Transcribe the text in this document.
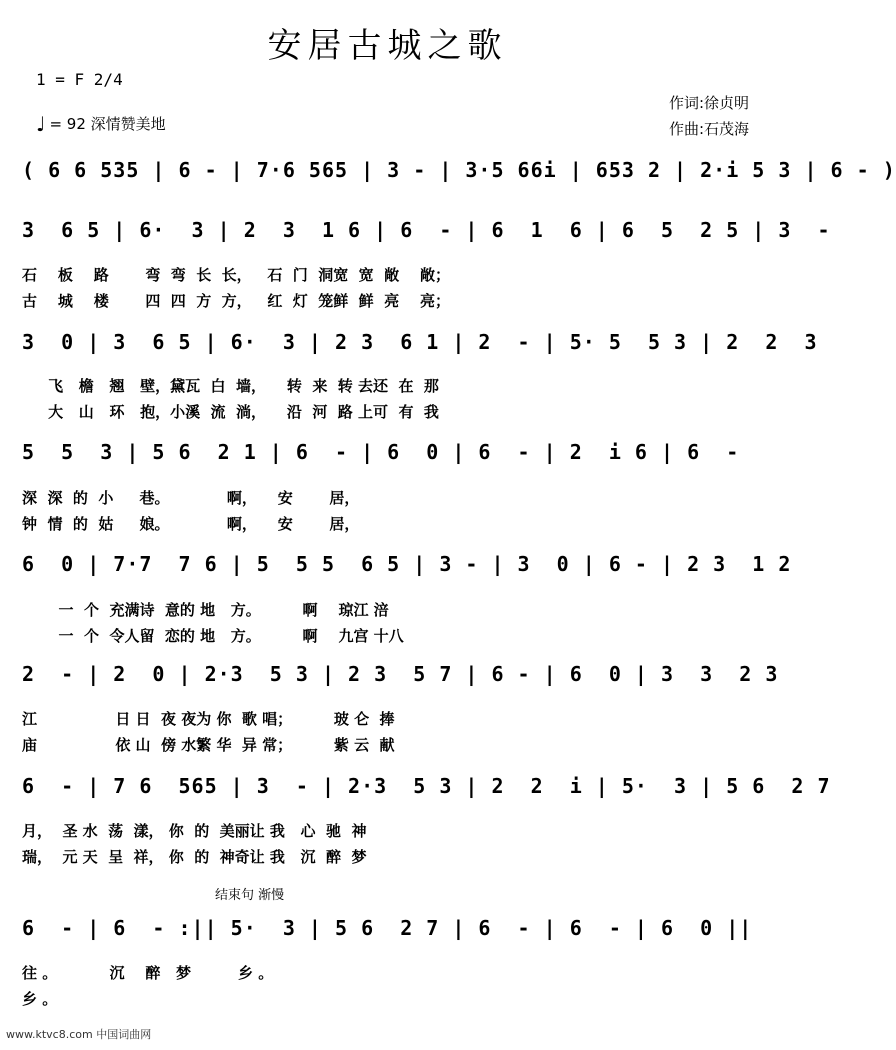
安居古城之歌
1 = F 2/4
♩ = 92 深情赞美地
作词:徐贞明
作曲:石茂海
( 6 6 535 | 6 - | 7·6 565 | 3 - | 3·5 66i | 653 2 | 2·i 5 3 | 6 - )
3  6 5 | 6·  3 | 2  3  1 6 | 6  - | 6  1  6 | 6  5  2 5 | 3  -
石    板    路       弯  弯  长  长，   石  门  洞宽  宽  敞    敞；
古    城    楼       四  四  方  方，   红  灯  笼鲜  鲜  亮    亮；
3  0 | 3  6 5 | 6·  3 | 2 3  6 1 | 2  - | 5· 5  5 3 | 2  2  3
飞   檐   翘   壁，黛瓦  白  墙，    转  来  转 去还  在  那
大   山   环   抱，小溪  流  淌，    沿  河  路 上可  有  我
5  5  3 | 5 6  2 1 | 6  - | 6  0 | 6  - | 2  i 6 | 6  -
深  深  的  小     巷。           啊，    安       居，
钟  情  的  姑     娘。           啊，    安       居，
6  0 | 7·7  7 6 | 5  5 5  6 5 | 3 - | 3  0 | 6 - | 2 3  1 2
一  个  充满诗  意的 地   方。        啊    琼江 涪
一  个  令人留  恋的 地   方。        啊    九宫 十八
2  - | 2  0 | 2·3  5 3 | 2 3  5 7 | 6 - | 6  0 | 3  3  2 3
江               日 日  夜 夜为 你  歌 唱；        玻 仑  捧
庙               依 山  傍 水繁 华  异 常；        紫 云  献
6  - | 7 6  565 | 3  - | 2·3  5 3 | 2  2  i | 5·  3 | 5 6  2 7
月，  圣 水  荡  漾， 你  的  美丽让 我   心  驰  神
瑞，  元 天  呈  祥， 你  的  神奇让 我   沉  醉  梦
结束句 渐慢
6  - | 6  - :|| 5·  3 | 5 6  2 7 | 6  - | 6  - | 6  0 ||
往 。          沉    醉   梦         乡 。
乡 。
www.ktvc8.com 中国词曲网
